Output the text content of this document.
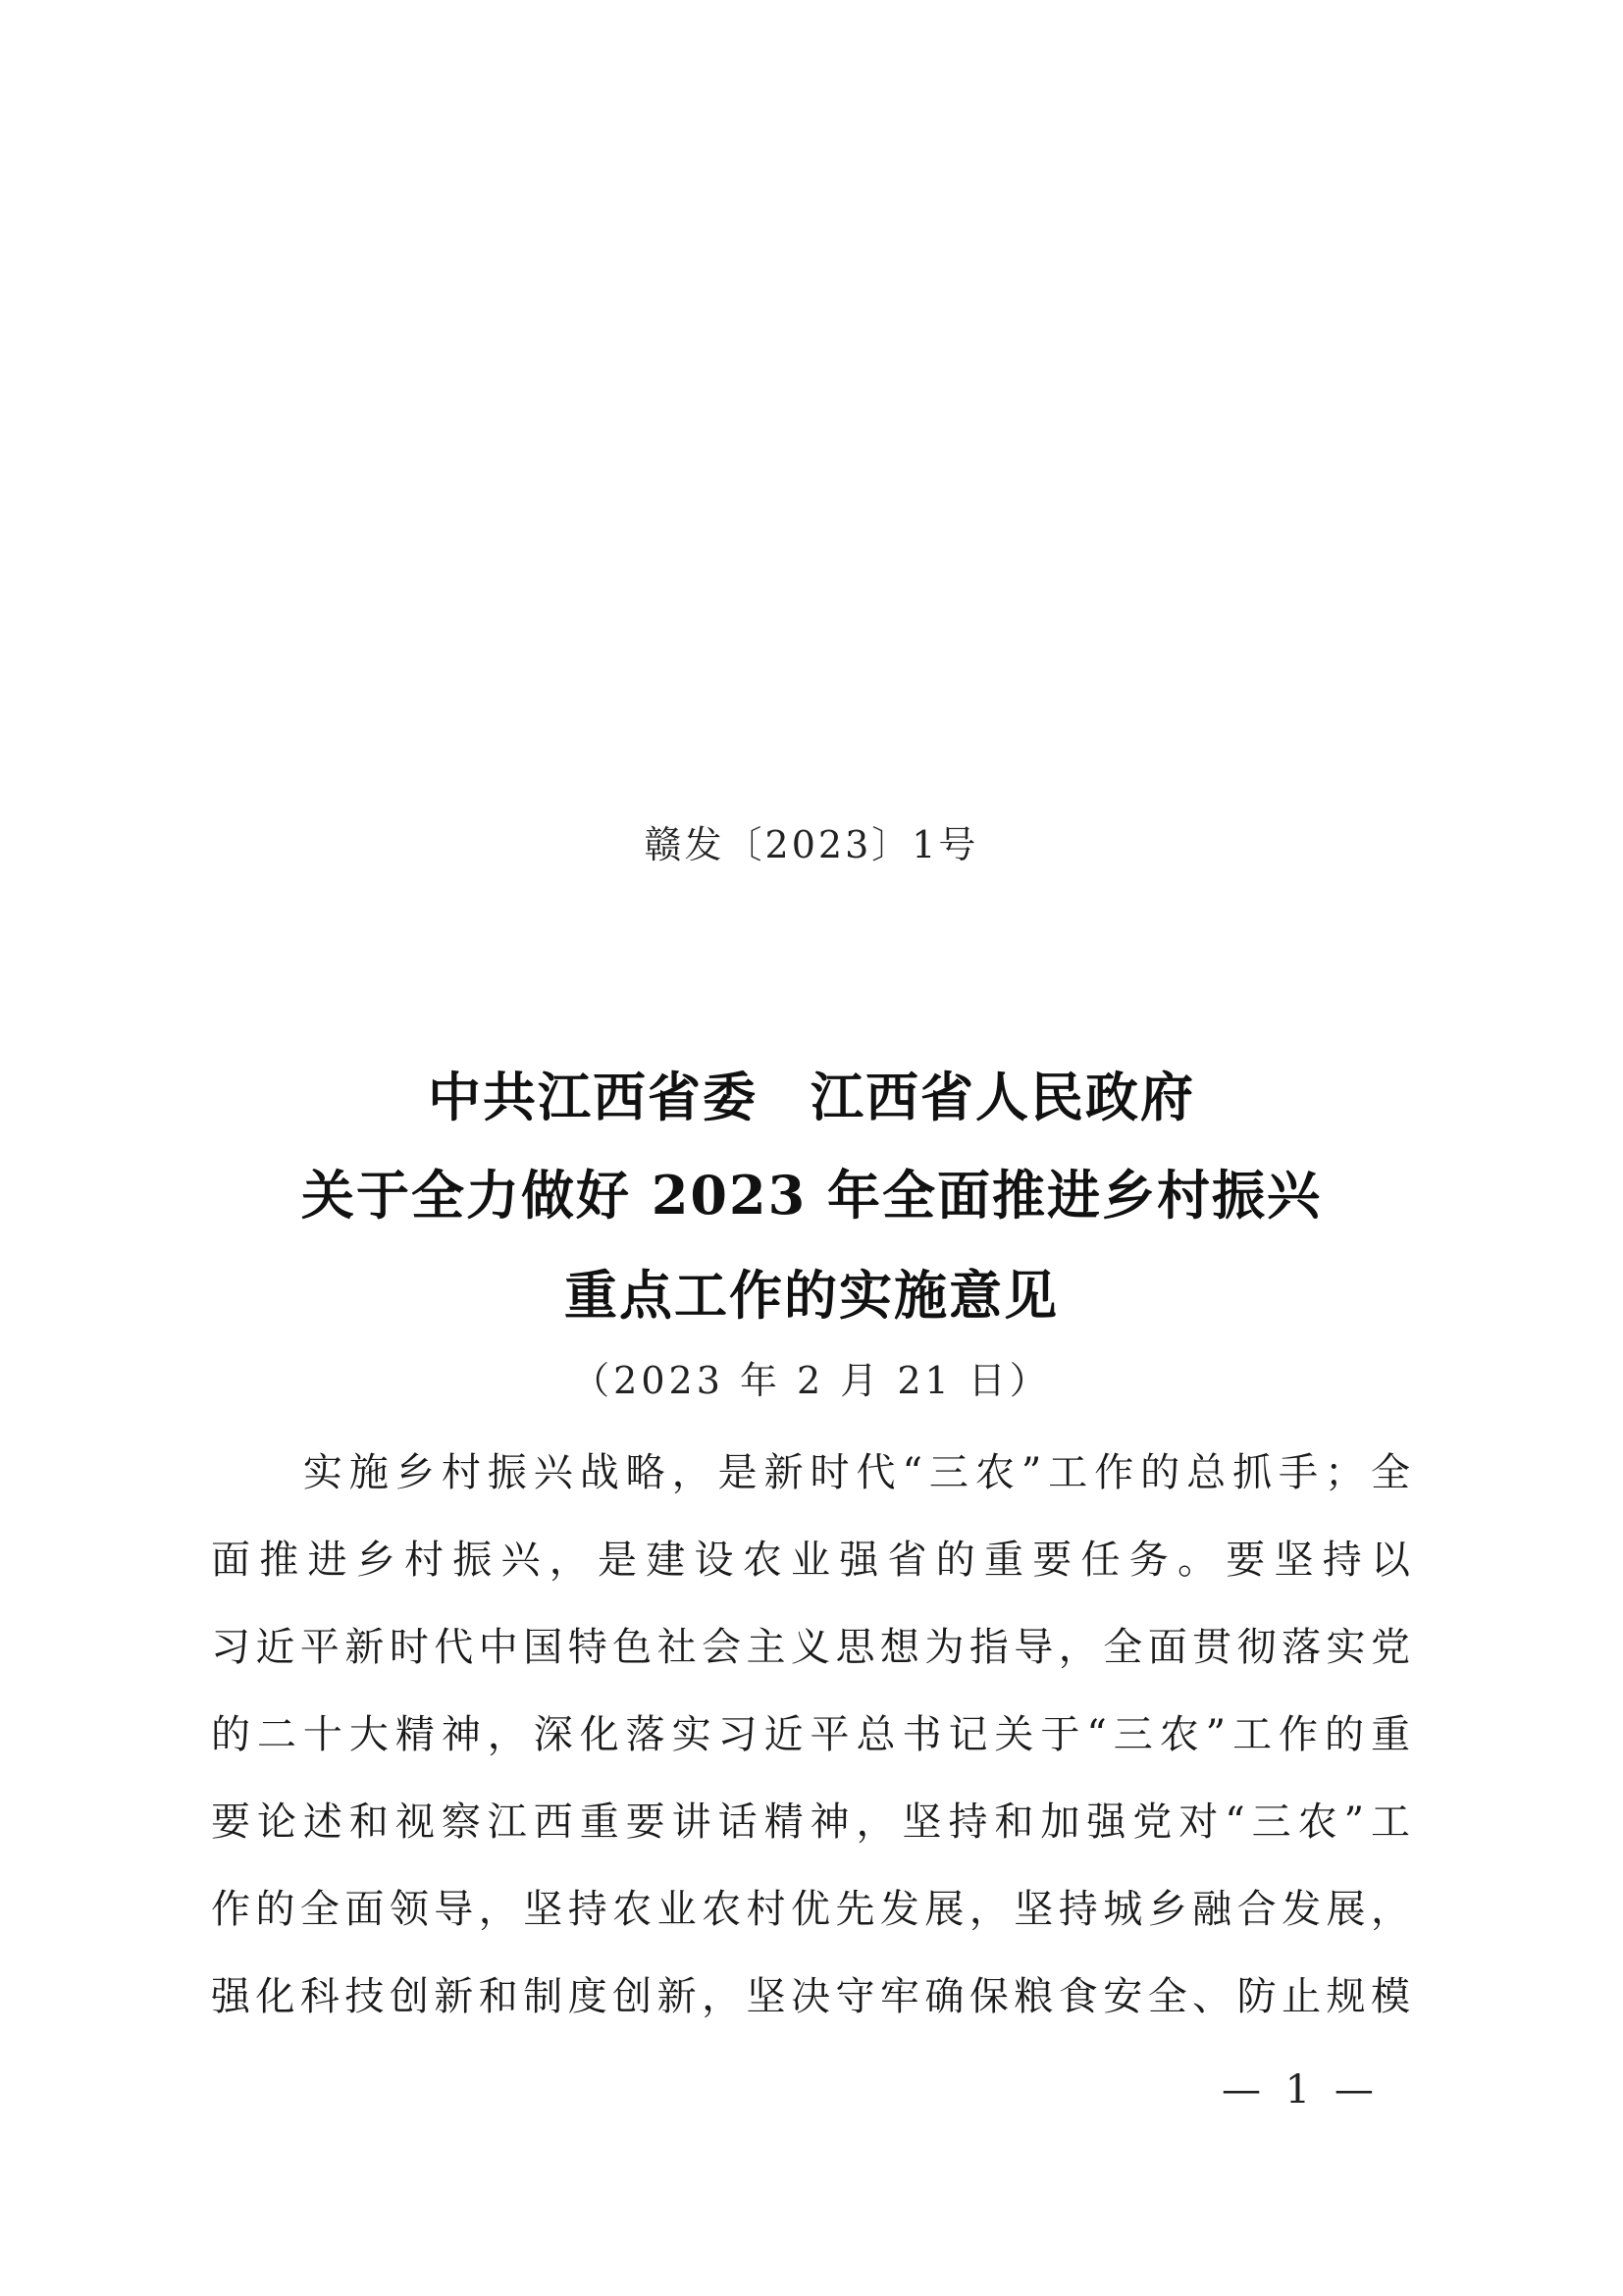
赣发〔2023〕1号
中共江西省委 江西省人民政府
关于全力做好 2023 年全面推进乡村振兴
重点工作的实施意见
（2023 年 2 月 21 日）
　　实施乡村振兴战略，是新时代“三农”工作的总抓手；全
面推进乡村振兴，是建设农业强省的重要任务。要坚持以
习近平新时代中国特色社会主义思想为指导，全面贯彻落实党
的二十大精神，深化落实习近平总书记关于“三农”工作的重
要论述和视察江西重要讲话精神，坚持和加强党对“三农”工
作的全面领导，坚持农业农村优先发展，坚持城乡融合发展，
强化科技创新和制度创新，坚决守牢确保粮食安全、防止规模
— 1 —
